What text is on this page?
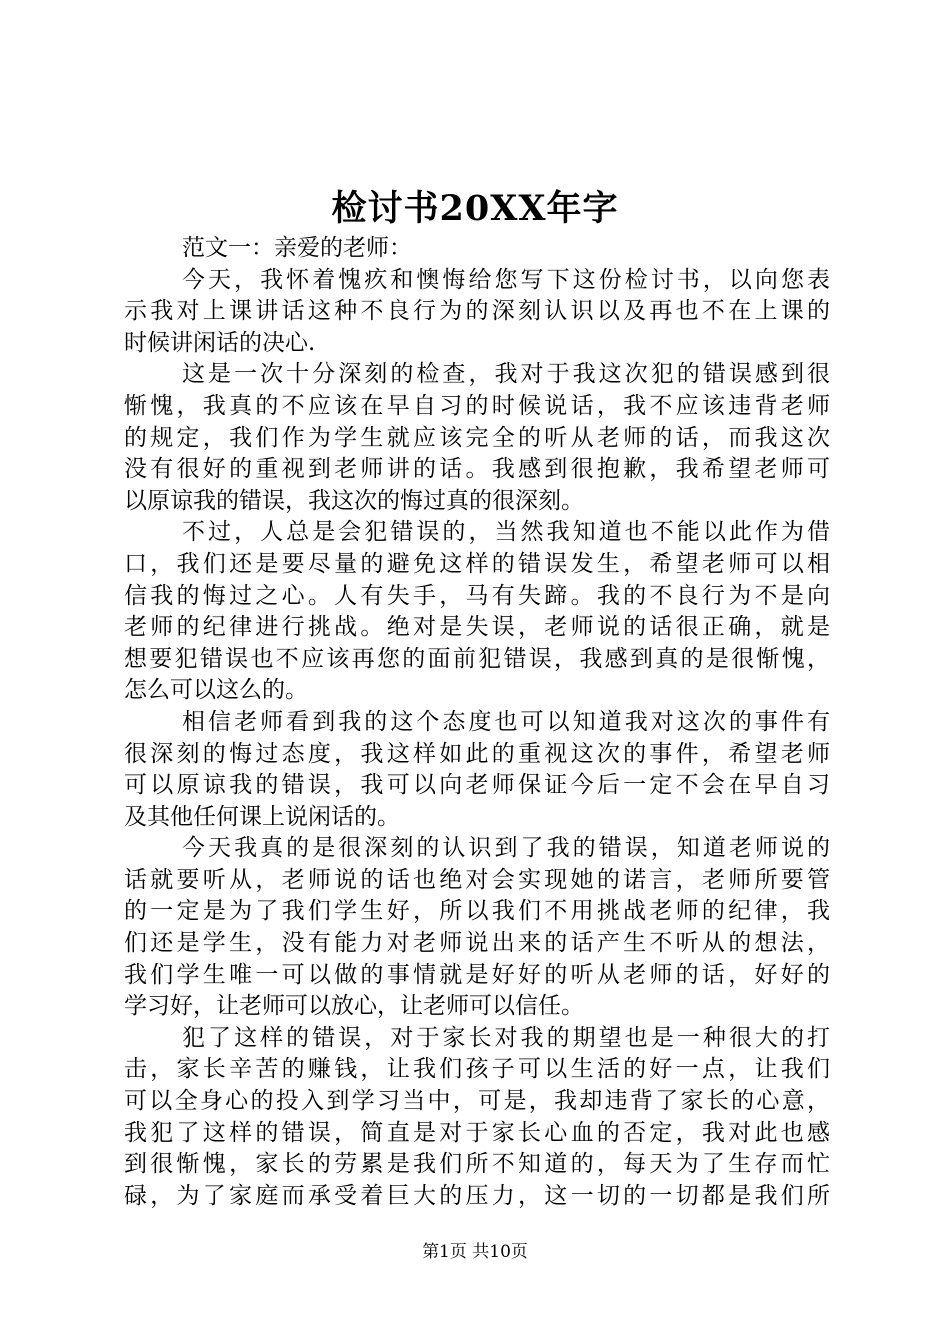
检讨书20XX年字
范文一：亲爱的老师：
今天，我怀着愧疚和懊悔给您写下这份检讨书，以向您表
示我对上课讲话这种不良行为的深刻认识以及再也不在上课的
时候讲闲话的决心.
这是一次十分深刻的检查，我对于我这次犯的错误感到很
惭愧，我真的不应该在早自习的时候说话，我不应该违背老师
的规定，我们作为学生就应该完全的听从老师的话，而我这次
没有很好的重视到老师讲的话。我感到很抱歉，我希望老师可
以原谅我的错误，我这次的悔过真的很深刻。
不过，人总是会犯错误的，当然我知道也不能以此作为借
口，我们还是要尽量的避免这样的错误发生，希望老师可以相
信我的悔过之心。人有失手，马有失蹄。我的不良行为不是向
老师的纪律进行挑战。绝对是失误，老师说的话很正确，就是
想要犯错误也不应该再您的面前犯错误，我感到真的是很惭愧，
怎么可以这么的。
相信老师看到我的这个态度也可以知道我对这次的事件有
很深刻的悔过态度，我这样如此的重视这次的事件，希望老师
可以原谅我的错误，我可以向老师保证今后一定不会在早自习
及其他任何课上说闲话的。
今天我真的是很深刻的认识到了我的错误，知道老师说的
话就要听从，老师说的话也绝对会实现她的诺言，老师所要管
的一定是为了我们学生好，所以我们不用挑战老师的纪律，我
们还是学生，没有能力对老师说出来的话产生不听从的想法，
我们学生唯一可以做的事情就是好好的听从老师的话，好好的
学习好，让老师可以放心，让老师可以信任。
犯了这样的错误，对于家长对我的期望也是一种很大的打
击，家长辛苦的赚钱，让我们孩子可以生活的好一点，让我们
可以全身心的投入到学习当中，可是，我却违背了家长的心意，
我犯了这样的错误，简直是对于家长心血的否定，我对此也感
到很惭愧，家长的劳累是我们所不知道的，每天为了生存而忙
碌，为了家庭而承受着巨大的压力，这一切的一切都是我们所
第1页 共10页
